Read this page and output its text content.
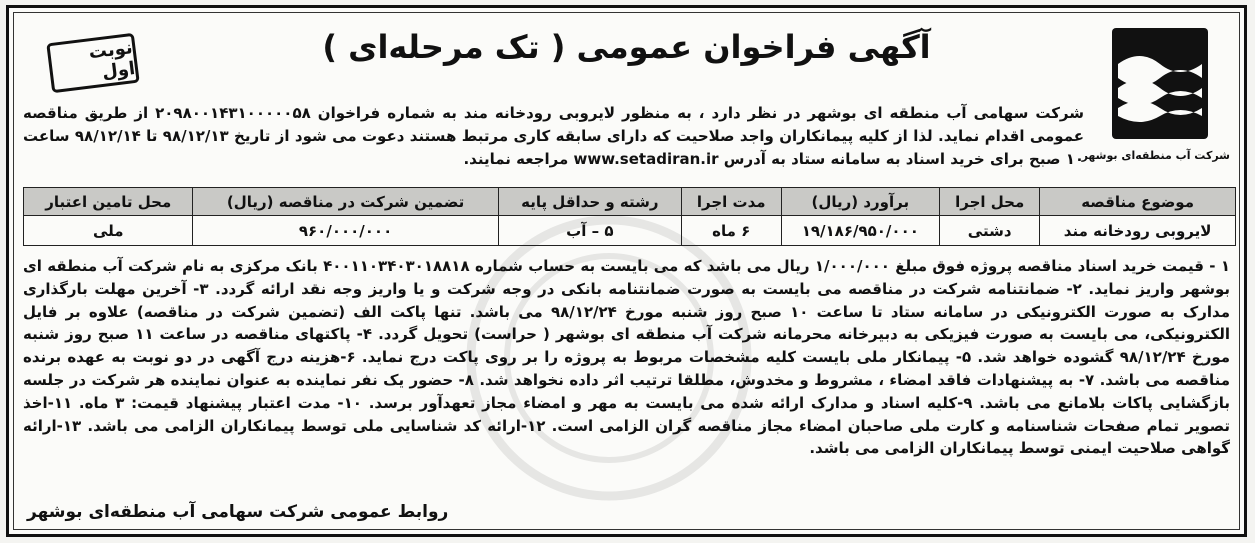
شرکت آب منطقه‌ای بوشهر
آگهی فراخوان عمومی ( تک مرحله‌ای )
نوبت اول
شرکت سهامی آب منطقه ای بوشهر در نظر دارد ، به منظور لایروبی رودخانه مند به شماره فراخوان ۲۰۹۸۰۰۱۴۳۱۰۰۰۰۰۵۸ از طریق مناقصه عمومی اقدام نماید. لذا از کلیه پیمانکاران واجد صلاحیت که دارای سابقه کاری مرتبط هستند دعوت می شود از تاریخ ۹۸/۱۲/۱۳ تا ۹۸/۱۲/۱۴ ساعت ۱۰ صبح برای خرید اسناد به سامانه ستاد به آدرس www.setadiran.ir مراجعه نمایند.
موضوع مناقصه	محل اجرا	برآورد (ریال)	مدت اجرا	رشته و حداقل پایه	تضمین شرکت در مناقصه (ریال)	محل تامین اعتبار
لایروبی رودخانه مند	دشتی	۱۹/۱۸۶/۹۵۰/۰۰۰	۶ ماه	۵ – آب	۹۶۰/۰۰۰/۰۰۰	ملی
۱ - قیمت خرید اسناد مناقصه پروژه فوق مبلغ ۱/۰۰۰/۰۰۰ ریال می باشد که می بایست به حساب شماره ۴۰۰۱۱۰۳۴۰۳۰۱۸۸۱۸ بانک مرکزی به نام شرکت آب منطقه ای بوشهر واریز نماید. ۲- ضمانتنامه شرکت در مناقصه می بایست به صورت ضمانتنامه بانکی در وجه شرکت و یا واریز وجه نقد ارائه گردد. ۳- آخرین مهلت بارگذاری مدارک به صورت الکترونیکی در سامانه ستاد تا ساعت ۱۰ صبح روز شنبه مورخ ۹۸/۱۲/۲۴ می باشد. تنها پاکت الف (تضمین شرکت در مناقصه) علاوه بر فایل الکترونیکی، می بایست به صورت فیزیکی به دبیرخانه محرمانه شرکت آب منطقه ای بوشهر ( حراست) تحویل گردد. ۴- پاکتهای مناقصه در ساعت ۱۱ صبح روز شنبه مورخ ۹۸/۱۲/۲۴ گشوده خواهد شد. ۵- پیمانکار ملی بایست کلیه مشخصات مربوط به پروژه را بر روی پاکت درج نماید. ۶-هزینه درج آگهی در دو نوبت به عهده برنده مناقصه می باشد. ۷- به پیشنهادات فاقد امضاء ، مشروط و مخدوش، مطلقا ترتیب اثر داده نخواهد شد. ۸- حضور یک نفر نماینده به عنوان نماینده هر شرکت در جلسه بازگشایی پاکات بلامانع می باشد. ۹-کلیه اسناد و مدارک ارائه شده می بایست به مهر و امضاء مجاز تعهدآور برسد. ۱۰- مدت اعتبار پیشنهاد قیمت: ۳ ماه. ۱۱-اخذ تصویر تمام صفحات شناسنامه و کارت ملی صاحبان امضاء مجاز مناقصه گران الزامی است. ۱۲-ارائه کد شناسایی ملی توسط پیمانکاران الزامی می باشد. ۱۳-ارائه گواهی صلاحیت ایمنی توسط پیمانکاران الزامی می باشد.
روابط عمومی شرکت سهامی آب منطقه‌ای بوشهر
